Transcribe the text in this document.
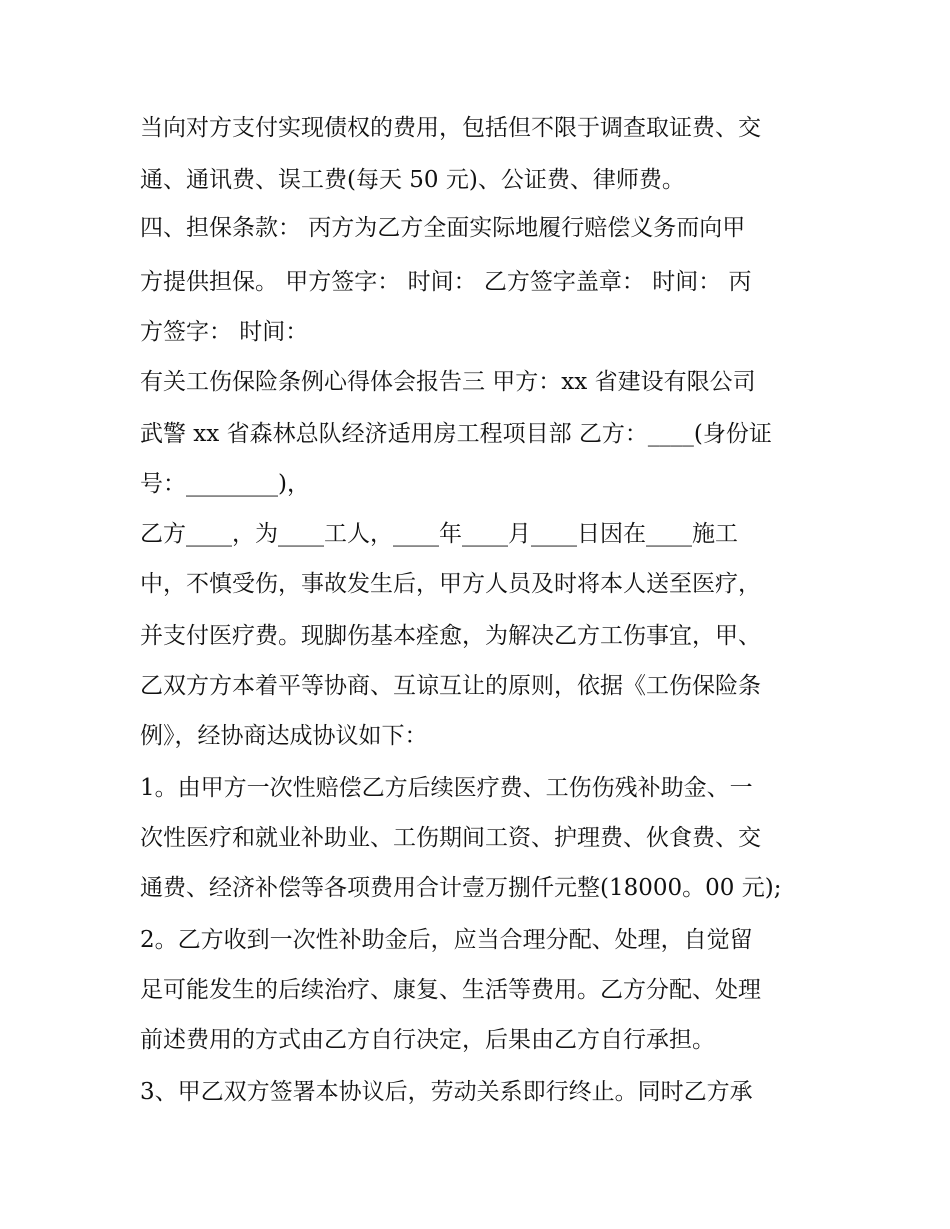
当向对方支付实现债权的费用，包括但不限于调查取证费、交
通、通讯费、误工费(每天 50 元)、公证费、律师费。
四、担保条款： 丙方为乙方全面实际地履行赔偿义务而向甲
方提供担保。 甲方签字： 时间： 乙方签字盖章： 时间： 丙
方签字： 时间：
有关工伤保险条例心得体会报告三 甲方：xx 省建设有限公司
武警 xx 省森林总队经济适用房工程项目部 乙方：____(身份证
号：________)，
乙方____，为____工人，____年____月____日因在____施工
中，不慎受伤，事故发生后，甲方人员及时将本人送至医疗，
并支付医疗费。现脚伤基本痊愈，为解决乙方工伤事宜，甲、
乙双方方本着平等协商、互谅互让的原则，依据《工伤保险条
例》，经协商达成协议如下：
1。由甲方一次性赔偿乙方后续医疗费、工伤伤残补助金、一
次性医疗和就业补助业、工伤期间工资、护理费、伙食费、交
通费、经济补偿等各项费用合计壹万捌仟元整(18000。00 元);
2。乙方收到一次性补助金后，应当合理分配、处理，自觉留
足可能发生的后续治疗、康复、生活等费用。乙方分配、处理
前述费用的方式由乙方自行决定，后果由乙方自行承担。
3、甲乙双方签署本协议后，劳动关系即行终止。同时乙方承
